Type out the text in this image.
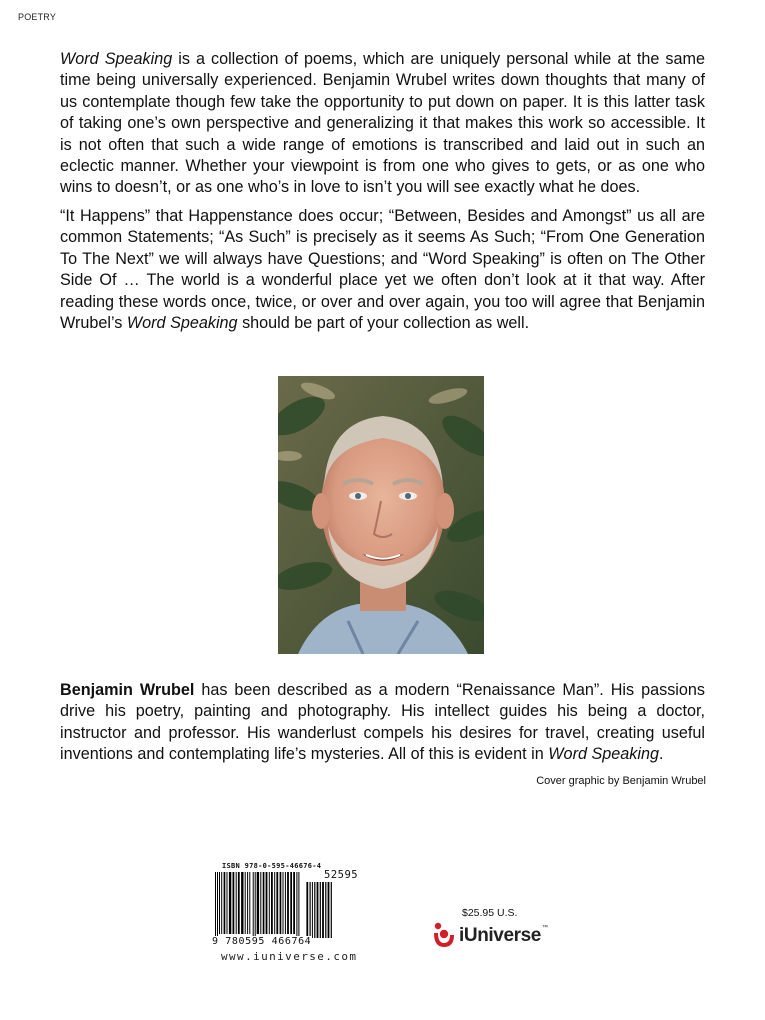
POETRY

Word Speaking is a collection of poems, which are uniquely personal while at the same time being universally experienced. Benjamin Wrubel writes down thoughts that many of us contemplate though few take the opportunity to put down on paper. It is this latter task of taking one’s own perspective and generalizing it that makes this work so accessible. It is not often that such a wide range of emotions is transcribed and laid out in such an eclectic manner. Whether your viewpoint is from one who gives to gets, or as one who wins to doesn’t, or as one who’s in love to isn’t you will see exactly what he does.

“It Happens” that Happenstance does occur; “Between, Besides and Amongst” us all are common Statements; “As Such” is precisely as it seems As Such; “From One Generation To The Next” we will always have Questions; and “Word Speaking” is often on The Other Side Of … The world is a wonderful place yet we often don’t look at it that way. After reading these words once, twice, or over and over again, you too will agree that Benjamin Wrubel’s Word Speaking should be part of your collection as well.

Benjamin Wrubel has been described as a modern “Renaissance Man”. His passions drive his poetry, painting and photography. His intellect guides his being a doctor, instructor and professor. His wanderlust compels his desires for travel, creating useful inventions and contemplating life’s mysteries. All of this is evident in Word Speaking.

Cover graphic by Benjamin Wrubel
ISBN 978-0-595-46676-4
52595
9 780595 466764
www.iuniverse.com
$25.95 U.S.
iUniverse™
